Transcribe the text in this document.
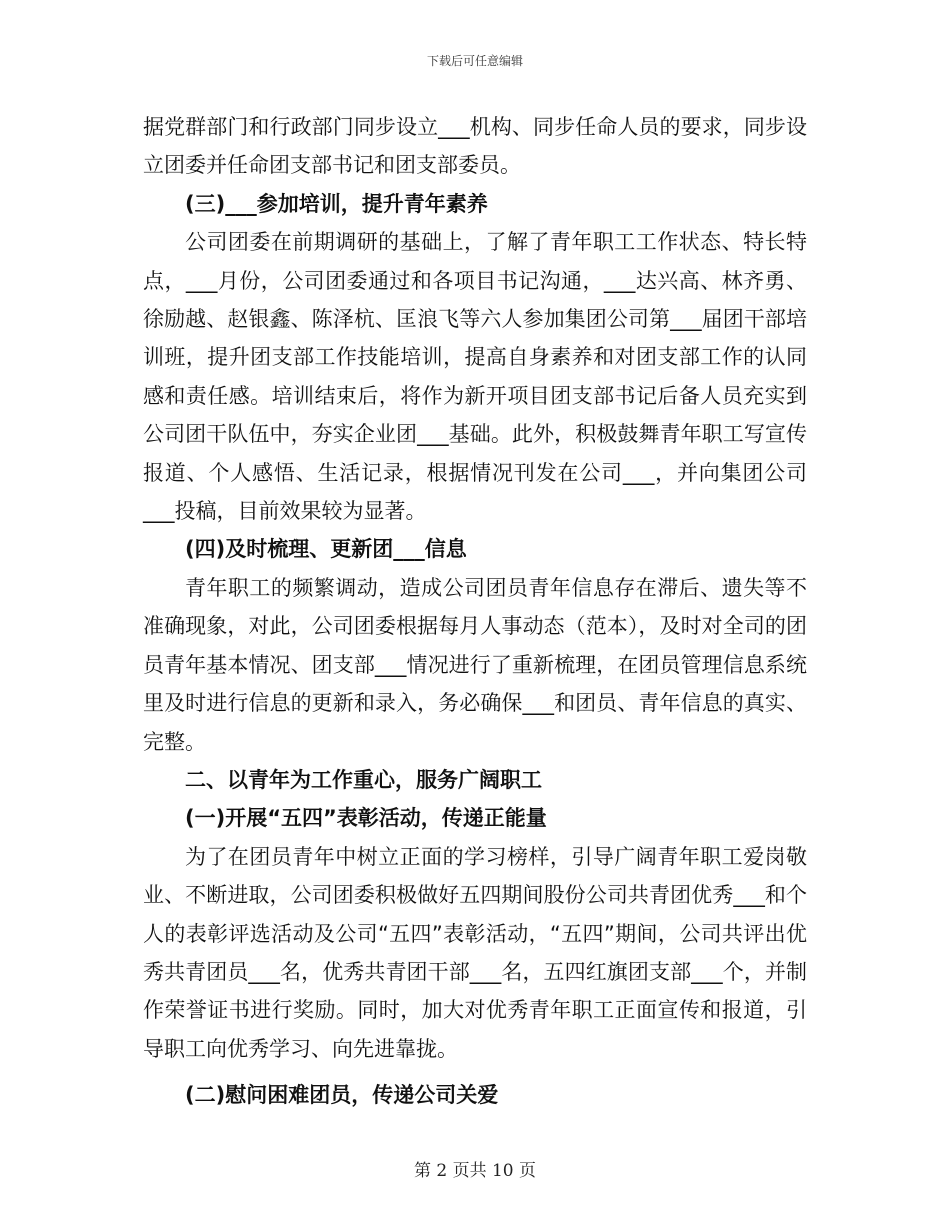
下载后可任意编辑

据党群部门和行政部门同步设立___机构、同步任命人员的要求，同步设立团委并任命团支部书记和团支部委员。

(三)___参加培训，提升青年素养

公司团委在前期调研的基础上，了解了青年职工工作状态、特长特点，___月份，公司团委通过和各项目书记沟通，___达兴高、林齐勇、徐励越、赵银鑫、陈泽杭、匡浪飞等六人参加集团公司第___届团干部培训班，提升团支部工作技能培训，提高自身素养和对团支部工作的认同感和责任感。培训结束后，将作为新开项目团支部书记后备人员充实到公司团干队伍中，夯实企业团___基础。此外，积极鼓舞青年职工写宣传报道、个人感悟、生活记录，根据情况刊发在公司___，并向集团公司___投稿，目前效果较为显著。

(四)及时梳理、更新团___信息

青年职工的频繁调动，造成公司团员青年信息存在滞后、遗失等不准确现象，对此，公司团委根据每月人事动态（范本），及时对全司的团员青年基本情况、团支部___情况进行了重新梳理，在团员管理信息系统里及时进行信息的更新和录入，务必确保___和团员、青年信息的真实、完整。

二、以青年为工作重心，服务广阔职工

(一)开展“五四”表彰活动，传递正能量

为了在团员青年中树立正面的学习榜样，引导广阔青年职工爱岗敬业、不断进取，公司团委积极做好五四期间股份公司共青团优秀___和个人的表彰评选活动及公司“五四”表彰活动，“五四”期间，公司共评出优秀共青团员___名，优秀共青团干部___名，五四红旗团支部___个，并制作荣誉证书进行奖励。同时，加大对优秀青年职工正面宣传和报道，引导职工向优秀学习、向先进靠拢。

(二)慰问困难团员，传递公司关爱

第 2 页共 10 页
